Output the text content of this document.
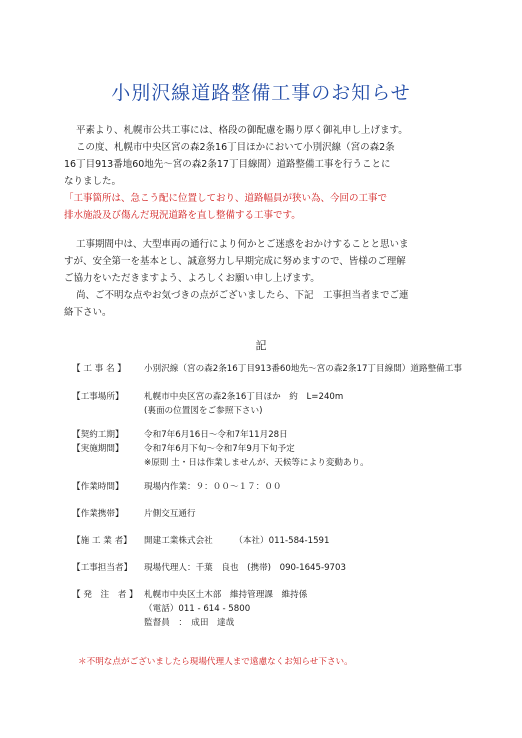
小別沢線道路整備工事のお知らせ

平素より、札幌市公共工事には、格段の御配慮を賜り厚く御礼申し上げます。

この度、札幌市中央区宮の森2条16丁目ほかにおいて小別沢線（宮の森2条

16丁目913番地60地先～宮の森2条17丁目線間）道路整備工事を行うことに

なりました。

「工事箇所は、急こう配に位置しており、道路幅員が狭い為、今回の工事で

排水施設及び傷んだ現況道路を直し整備する工事です。

工事期間中は、大型車両の通行により何かとご迷惑をおかけすることと思いま

すが、安全第一を基本とし、誠意努力し早期完成に努めますので、皆様のご理解

ご協力をいただきますよう、よろしくお願い申し上げます。

尚、ご不明な点やお気づきの点がございましたら、下記　工事担当者までご連

絡下さい。

記

【 工 事 名 】 小別沢線（宮の森2条16丁目913番60地先～宮の森2条17丁目線間）道路整備工事
【工事場所】 札幌市中央区宮の森2条16丁目ほか　約　L=240m
(裏面の位置図をご参照下さい)
【契約工期】 令和7年6月16日～令和7年11月28日
【実施期間】 令和7年6月下旬～令和7年9月下旬予定
※原則 土・日は作業しませんが、天候等により変動あり。
【作業時間】 現場内作業：９：００～１７：００
【作業携帯】 片側交互通行
【施 工 業 者】 開建工業株式会社　　　（本社）011-584-1591
【工事担当者】 現場代理人：千葉　良也　(携帯)　090-1645-9703
【 発　注　者 】 札幌市中央区土木部　維持管理課　維持係
（電話）011 - 614 - 5800
監督員　：　成田　達哉

＊不明な点がございましたら現場代理人まで遠慮なくお知らせ下さい。
